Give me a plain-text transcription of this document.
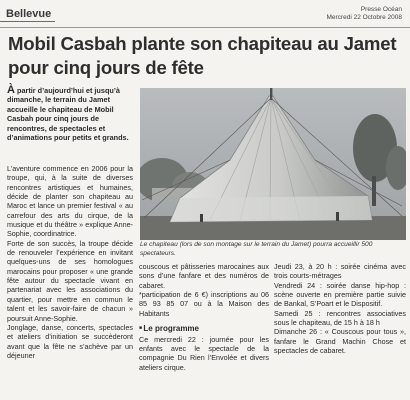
Bellevue	Presse Océan
Mercredi 22 Octobre 2008
Mobil Casbah plante son chapiteau au Jamet pour cinq jours de fête
À partir d’aujourd’hui et jusqu’à dimanche, le terrain du Jamet accueille le chapiteau de Mobil Casbah pour cinq jours de rencontres, de spectacles et d’animations pour petits et grands.
L’aventure commence en 2006 pour la troupe, qui, à la suite de diverses rencontres artistiques et humaines, décide de planter son chapiteau au Maroc et lance un premier festival « au carrefour des arts du cirque, de la musique et du théâtre » explique Anne-Sophie, coordinatrice.
Forte de son succès, la troupe décide de renouveler l’expérience en invitant quelques-uns de ses homologues marocains pour proposer « une grande fête autour du spectacle vivant en partenariat avec les associations du quartier, pour mettre en commun le talent et les savoir-faire de chacun » poursuit Anne-Sophie.
Jonglage, danse, concerts, spectacles et ateliers d’initiation se succèderont avant que la fête ne s’achève par un déjeuner
Le chapiteau (lors de son montage sur le terrain du Jamet) pourra accueillir 500 spectateurs.
couscous et pâtisseries marocaines aux sons d’une fanfare et des numéros de cabaret.
*participation de 6 €) inscriptions au 06 85 93 85 07 ou à la Maison des Habitants
■ Le programme
Ce mercredi 22 : journée pour les enfants avec le spectacle de la compagnie Du Rien l’Envolée et divers ateliers cirque.
Jeudi 23, à 20 h : soirée cinéma avec trois courts-métrages
Vendredi 24 : soirée danse hip-hop : scène ouverte en première partie suivie de Bankal, S’Poart et le Dispositif.
Samedi 25 : rencontres associatives sous le chapiteau, de 15 h à 18 h
Dimanche 26 : « Couscous pour tous », fanfare le Grand Machin Chose et spectacles de cabaret.
